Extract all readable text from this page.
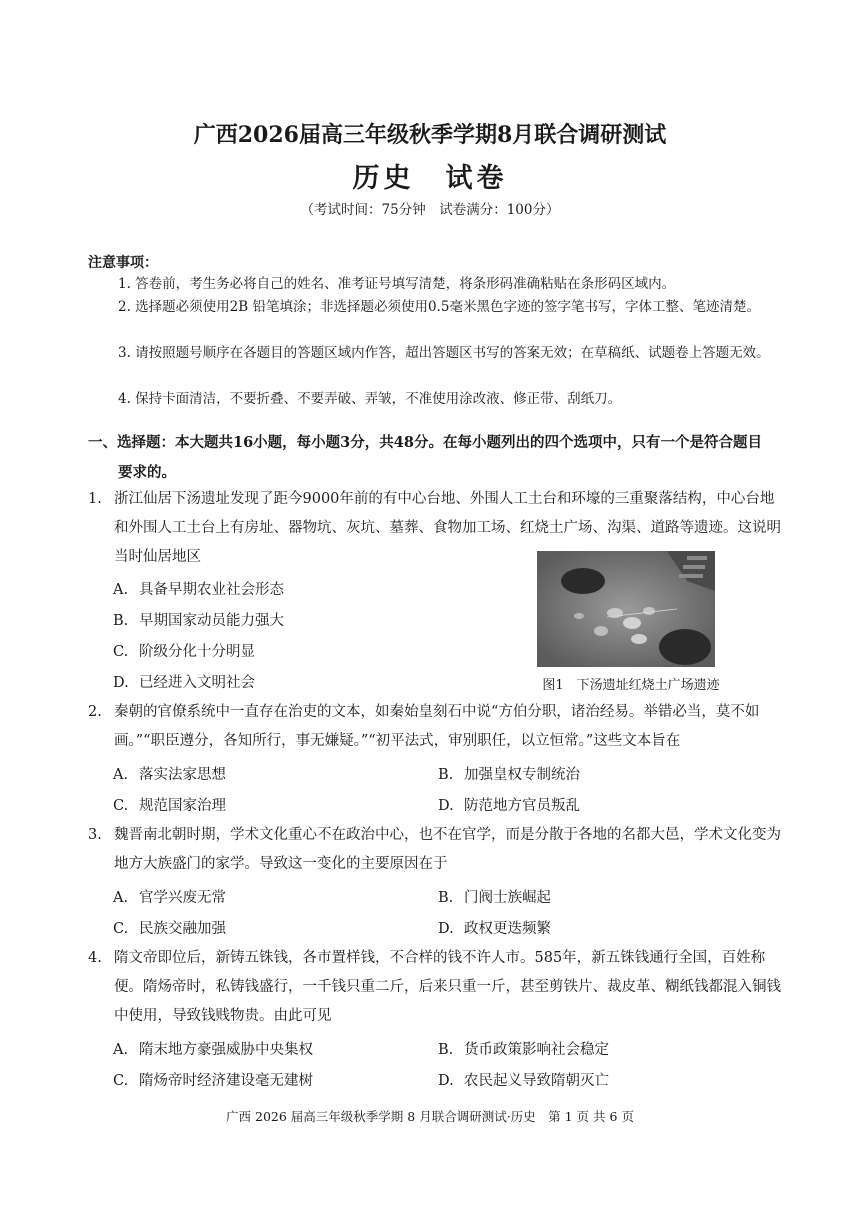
广西2026届高三年级秋季学期8月联合调研测试
历史　试卷
（考试时间：75分钟　试卷满分：100分）
注意事项：
1. 答卷前，考生务必将自己的姓名、准考证号填写清楚，将条形码准确粘贴在条形码区域内。
2. 选择题必须使用2B 铅笔填涂；非选择题必须使用0.5毫米黑色字迹的签字笔书写，字体工整、笔迹清楚。
3. 请按照题号顺序在各题目的答题区域内作答，超出答题区书写的答案无效；在草稿纸、试题卷上答题无效。
4. 保持卡面清洁，不要折叠、不要弄破、弄皱，不准使用涂改液、修正带、刮纸刀。
一、选择题：本大题共16小题，每小题3分，共48分。在每小题列出的四个选项中，只有一个是符合题目
要求的。
1. 浙江仙居下汤遗址发现了距今9000年前的有中心台地、外围人工土台和环壕的三重聚落结构，中心台地和外围人工土台上有房址、器物坑、灰坑、墓葬、食物加工场、红烧土广场、沟渠、道路等遗迹。这说明当时仙居地区
A. 具备早期农业社会形态
B. 早期国家动员能力强大
C. 阶级分化十分明显
D. 已经进入文明社会	图1　下汤遗址红烧土广场遗迹
2. 秦朝的官僚系统中一直存在治吏的文本，如秦始皇刻石中说“方伯分职，诸治经易。举错必当，莫不如画。”“职臣遵分，各知所行，事无嫌疑。”“初平法式，审别职任，以立恒常。”这些文本旨在
A. 落实法家思想	B. 加强皇权专制统治
C. 规范国家治理	D. 防范地方官员叛乱
3. 魏晋南北朝时期，学术文化重心不在政治中心，也不在官学，而是分散于各地的名都大邑，学术文化变为地方大族盛门的家学。导致这一变化的主要原因在于
A. 官学兴废无常	B. 门阀士族崛起
C. 民族交融加强	D. 政权更迭频繁
4. 隋文帝即位后，新铸五铢钱，各市置样钱，不合样的钱不许人市。585年，新五铢钱通行全国，百姓称便。隋炀帝时，私铸钱盛行，一千钱只重二斤，后来只重一斤，甚至剪铁片、裁皮革、糊纸钱都混入铜钱中使用，导致钱贱物贵。由此可见
A. 隋末地方豪强威胁中央集权	B. 货币政策影响社会稳定
C. 隋炀帝时经济建设毫无建树	D. 农民起义导致隋朝灭亡
广西 2026 届高三年级秋季学期 8 月联合调研测试·历史　第 1 页 共 6 页
